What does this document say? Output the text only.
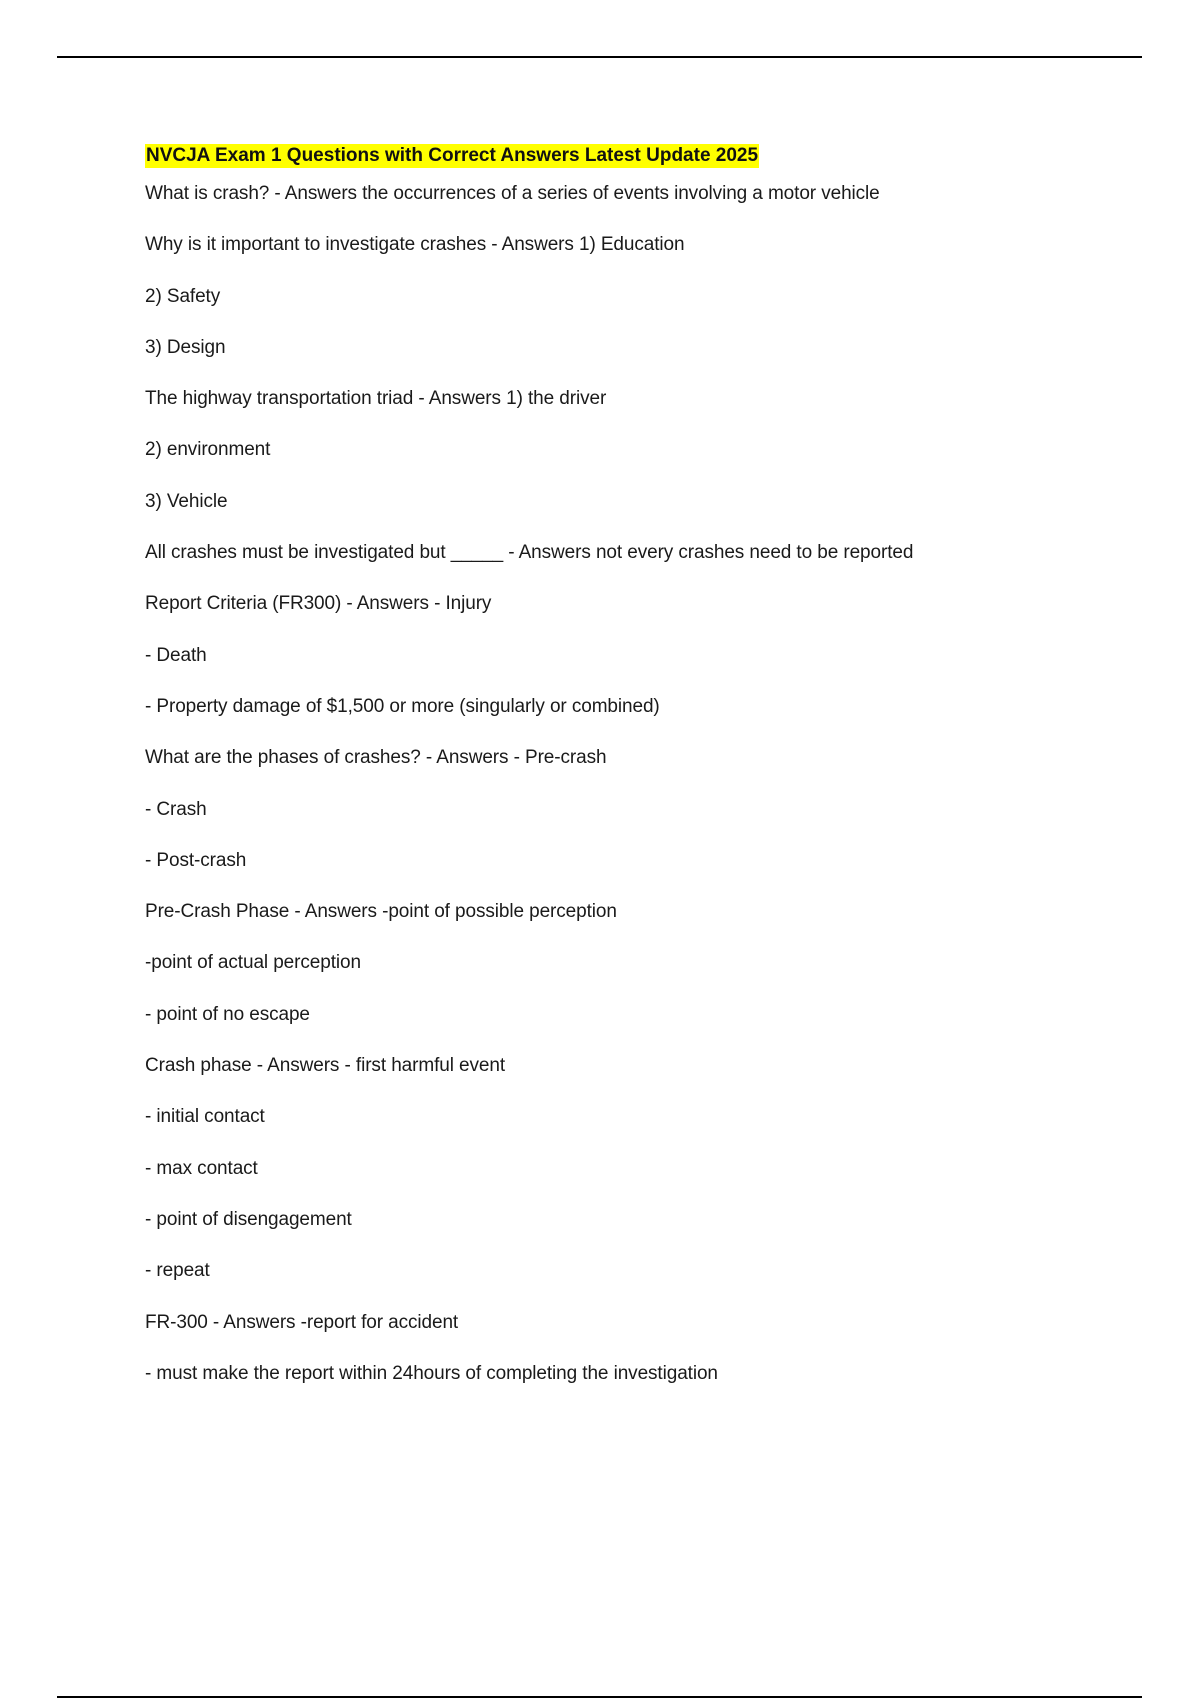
NVCJA Exam 1 Questions with Correct Answers Latest Update 2025
What is crash? - Answers the occurrences of a series of events involving a motor vehicle
Why is it important to investigate crashes - Answers 1) Education
2) Safety
3) Design
The highway transportation triad - Answers 1) the driver
2) environment
3) Vehicle
All crashes must be investigated but _____ - Answers not every crashes need to be reported
Report Criteria (FR300) - Answers - Injury
- Death
- Property damage of $1,500 or more (singularly or combined)
What are the phases of crashes? - Answers - Pre-crash
- Crash
- Post-crash
Pre-Crash Phase - Answers -point of possible perception
-point of actual perception
- point of no escape
Crash phase - Answers - first harmful event
- initial contact
- max contact
- point of disengagement
- repeat
FR-300 - Answers -report for accident
- must make the report within 24hours of completing the investigation
